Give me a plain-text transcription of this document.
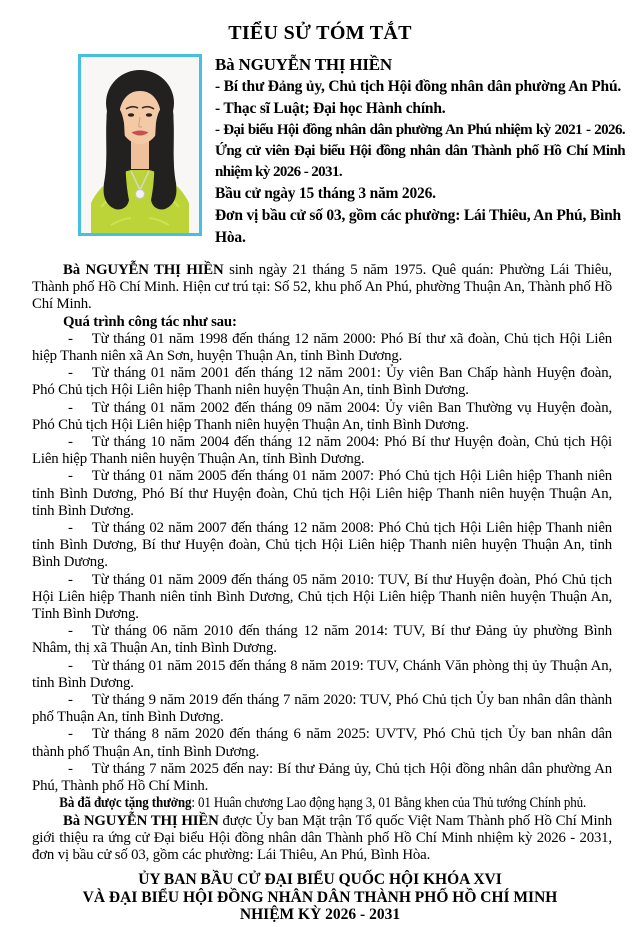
TIỂU SỬ TÓM TẮT

Bà NGUYỄN THỊ HIỀN

- Bí thư Đảng ủy, Chủ tịch Hội đồng nhân dân phường An Phú.

- Thạc sĩ Luật; Đại học Hành chính.

- Đại biểu Hội đồng nhân dân phường An Phú nhiệm kỳ 2021 - 2026. Ứng cử viên Đại biểu Hội đồng nhân dân Thành phố Hồ Chí Minh nhiệm kỳ 2026 - 2031.

Bầu cử ngày 15 tháng 3 năm 2026.

Đơn vị bầu cử số 03, gồm các phường: Lái Thiêu, An Phú, Bình Hòa.

Bà NGUYỄN THỊ HIỀN sinh ngày 21 tháng 5 năm 1975. Quê quán: Phường Lái Thiêu, Thành phố Hồ Chí Minh. Hiện cư trú tại: Số 52, khu phố An Phú, phường Thuận An, Thành phố Hồ Chí Minh.

Quá trình công tác như sau:

- Từ tháng 01 năm 1998 đến tháng 12 năm 2000: Phó Bí thư xã đoàn, Chủ tịch Hội Liên hiệp Thanh niên xã An Sơn, huyện Thuận An, tỉnh Bình Dương.

- Từ tháng 01 năm 2001 đến tháng 12 năm 2001: Ủy viên Ban Chấp hành Huyện đoàn, Phó Chủ tịch Hội Liên hiệp Thanh niên huyện Thuận An, tỉnh Bình Dương.

- Từ tháng 01 năm 2002 đến tháng 09 năm 2004: Ủy viên Ban Thường vụ Huyện đoàn, Phó Chủ tịch Hội Liên hiệp Thanh niên huyện Thuận An, tỉnh Bình Dương.

- Từ tháng 10 năm 2004 đến tháng 12 năm 2004: Phó Bí thư Huyện đoàn, Chủ tịch Hội Liên hiệp Thanh niên huyện Thuận An, tỉnh Bình Dương.

- Từ tháng 01 năm 2005 đến tháng 01 năm 2007: Phó Chủ tịch Hội Liên hiệp Thanh niên tỉnh Bình Dương, Phó Bí thư Huyện đoàn, Chủ tịch Hội Liên hiệp Thanh niên huyện Thuận An, tỉnh Bình Dương.

- Từ tháng 02 năm 2007 đến tháng 12 năm 2008: Phó Chủ tịch Hội Liên hiệp Thanh niên tỉnh Bình Dương, Bí thư Huyện đoàn, Chủ tịch Hội Liên hiệp Thanh niên huyện Thuận An, tỉnh Bình Dương.

- Từ tháng 01 năm 2009 đến tháng 05 năm 2010: TUV, Bí thư Huyện đoàn, Phó Chủ tịch Hội Liên hiệp Thanh niên tỉnh Bình Dương, Chủ tịch Hội Liên hiệp Thanh niên huyện Thuận An, Tỉnh Bình Dương.

- Từ tháng 06 năm 2010 đến tháng 12 năm 2014: TUV, Bí thư Đảng ủy phường Bình Nhâm, thị xã Thuận An, tỉnh Bình Dương.

- Từ tháng 01 năm 2015 đến tháng 8 năm 2019: TUV, Chánh Văn phòng thị ủy Thuận An, tỉnh Bình Dương.

- Từ tháng 9 năm 2019 đến tháng 7 năm 2020: TUV, Phó Chủ tịch Ủy ban nhân dân thành phố Thuận An, tỉnh Bình Dương.

- Từ tháng 8 năm 2020 đến tháng 6 năm 2025: UVTV, Phó Chủ tịch Ủy ban nhân dân thành phố Thuận An, tỉnh Bình Dương.

- Từ tháng 7 năm 2025 đến nay: Bí thư Đảng ủy, Chủ tịch Hội đồng nhân dân phường An Phú, Thành phố Hồ Chí Minh.

Bà đã được tặng thưởng: 01 Huân chương Lao động hạng 3, 01 Bằng khen của Thủ tướng Chính phủ.

Bà NGUYỄN THỊ HIỀN được Ủy ban Mặt trận Tổ quốc Việt Nam Thành phố Hồ Chí Minh giới thiệu ra ứng cử Đại biểu Hội đồng nhân dân Thành phố Hồ Chí Minh nhiệm kỳ 2026 - 2031, đơn vị bầu cử số 03, gồm các phường: Lái Thiêu, An Phú, Bình Hòa.

ỦY BAN BẦU CỬ ĐẠI BIỂU QUỐC HỘI KHÓA XVI

VÀ ĐẠI BIỂU HỘI ĐỒNG NHÂN DÂN THÀNH PHỐ HỒ CHÍ MINH

NHIỆM KỲ 2026 - 2031
